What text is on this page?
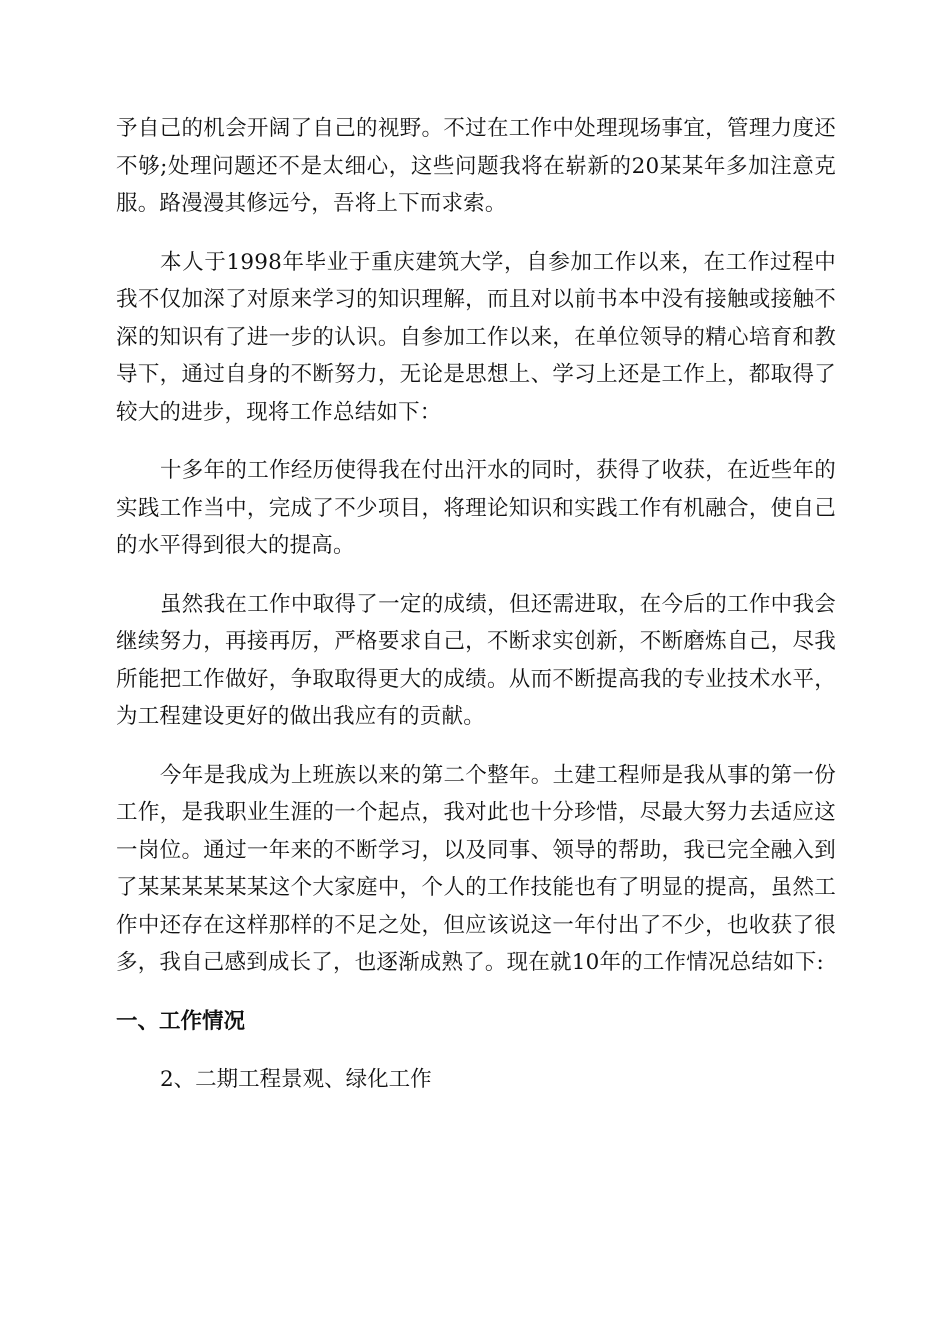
予自己的机会开阔了自己的视野。不过在工作中处理现场事宜，管理力度还不够;处理问题还不是太细心，这些问题我将在崭新的20某某年多加注意克服。路漫漫其修远兮，吾将上下而求索。

本人于1998年毕业于重庆建筑大学，自参加工作以来，在工作过程中我不仅加深了对原来学习的知识理解，而且对以前书本中没有接触或接触不深的知识有了进一步的认识。自参加工作以来，在单位领导的精心培育和教导下，通过自身的不断努力，无论是思想上、学习上还是工作上，都取得了较大的进步，现将工作总结如下：

十多年的工作经历使得我在付出汗水的同时，获得了收获，在近些年的实践工作当中，完成了不少项目，将理论知识和实践工作有机融合，使自己的水平得到很大的提高。

虽然我在工作中取得了一定的成绩，但还需进取，在今后的工作中我会继续努力，再接再厉，严格要求自己，不断求实创新，不断磨炼自己，尽我所能把工作做好，争取取得更大的成绩。从而不断提高我的专业技术水平，为工程建设更好的做出我应有的贡献。

今年是我成为上班族以来的第二个整年。土建工程师是我从事的第一份工作，是我职业生涯的一个起点，我对此也十分珍惜，尽最大努力去适应这一岗位。通过一年来的不断学习，以及同事、领导的帮助，我已完全融入到了某某某某某某这个大家庭中，个人的工作技能也有了明显的提高，虽然工作中还存在这样那样的不足之处，但应该说这一年付出了不少，也收获了很多，我自己感到成长了，也逐渐成熟了。现在就10年的工作情况总结如下:

一、工作情况

2、二期工程景观、绿化工作
